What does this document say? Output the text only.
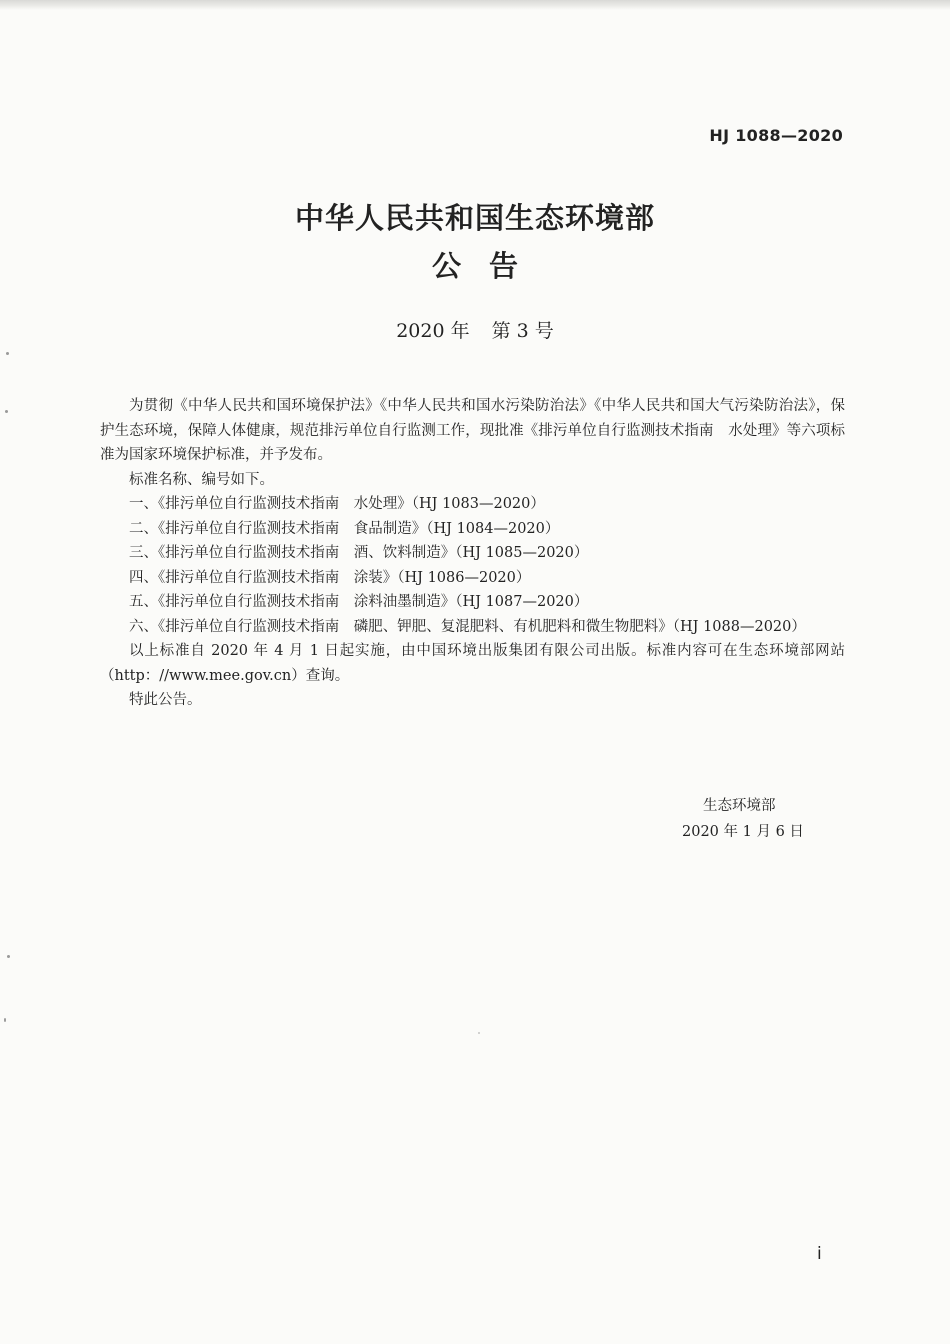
HJ 1088—2020
中华人民共和国生态环境部
公告
2020 年 第 3 号

为贯彻《中华人民共和国环境保护法》《中华人民共和国水污染防治法》《中华人民共和国大气污染防治法》，保护生态环境，保障人体健康，规范排污单位自行监测工作，现批准《排污单位自行监测技术指南　水处理》等六项标准为国家环境保护标准，并予发布。

标准名称、编号如下。

一、《排污单位自行监测技术指南　水处理》（HJ 1083—2020）

二、《排污单位自行监测技术指南　食品制造》（HJ 1084—2020）

三、《排污单位自行监测技术指南　酒、饮料制造》（HJ 1085—2020）

四、《排污单位自行监测技术指南　涂装》（HJ 1086—2020）

五、《排污单位自行监测技术指南　涂料油墨制造》（HJ 1087—2020）

六、《排污单位自行监测技术指南　磷肥、钾肥、复混肥料、有机肥料和微生物肥料》（HJ 1088—2020）

以上标准自 2020 年 4 月 1 日起实施，由中国环境出版集团有限公司出版。标准内容可在生态环境部网站（http：//www.mee.gov.cn）查询。

特此公告。

生态环境部
2020 年 1 月 6 日
i
